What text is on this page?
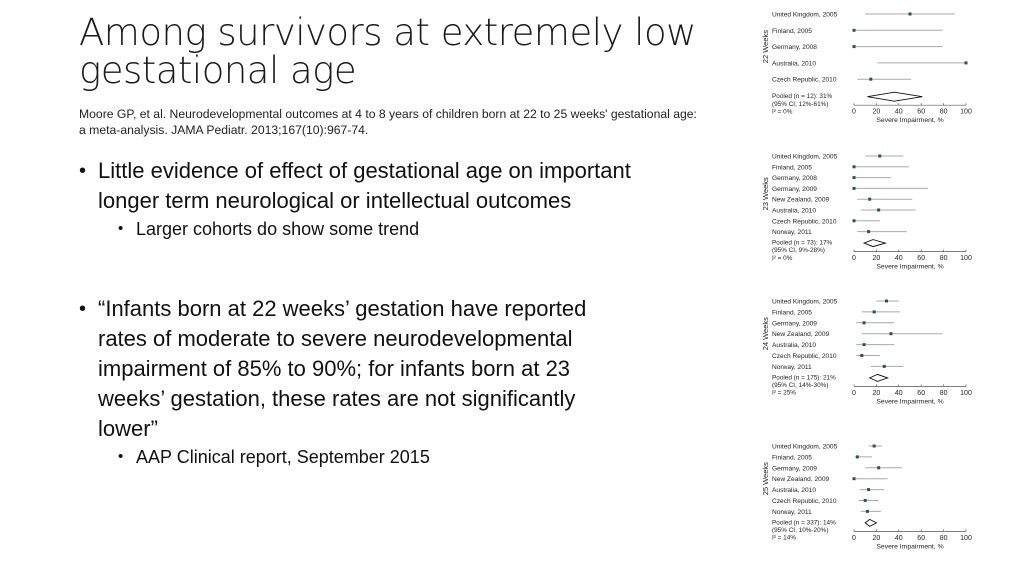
Among survivors at extremely low gestational age
Moore GP, et al. Neurodevelopmental outcomes at 4 to 8 years of children born at 22 to 25 weeks' gestational age: a meta-analysis. JAMA Pediatr. 2013;167(10):967-74.
• Little evidence of effect of gestational age on important longer term neurological or intellectual outcomes
• Larger cohorts do show some trend
• “Infants born at 22 weeks’ gestation have reported rates of moderate to severe neurodevelopmental impairment of 85% to 90%; for infants born at 23 weeks’ gestation, these rates are not significantly lower”
• AAP Clinical report, September 2015
22 Weeks
United Kingdom, 2005
Finland, 2005
Germany, 2008
Australia, 2010
Czech Republic, 2010
Pooled (n = 12): 31%
(95% CI, 12%-61%)
I² = 0%	0 20 40 60 80 100
Severe Impairment, %
23 Weeks
United Kingdom, 2005
Finland, 2005
Germany, 2008
Germany, 2009
New Zealand, 2009
Australia, 2010
Czech Republic, 2010
Norway, 2011
Pooled (n = 73): 17%
(95% CI, 9%-28%)
I² = 0%	0 20 40 60 80 100
Severe Impairment, %
24 Weeks
United Kingdom, 2005
Finland, 2005
Germany, 2009
New Zealand, 2009
Australia, 2010
Czech Republic, 2010
Norway, 2011
Pooled (n = 175): 21%
(95% CI, 14%-30%)
I² = 25%	0 20 40 60 80 100
Severe Impairment, %
25 Weeks
United Kingdom, 2005
Finland, 2005
Germany, 2009
New Zealand, 2009
Australia, 2010
Czech Republic, 2010
Norway, 2011
Pooled (n = 337): 14%
(95% CI, 10%-20%)
I² = 14%	0 20 40 60 80 100
Severe Impairment, %
